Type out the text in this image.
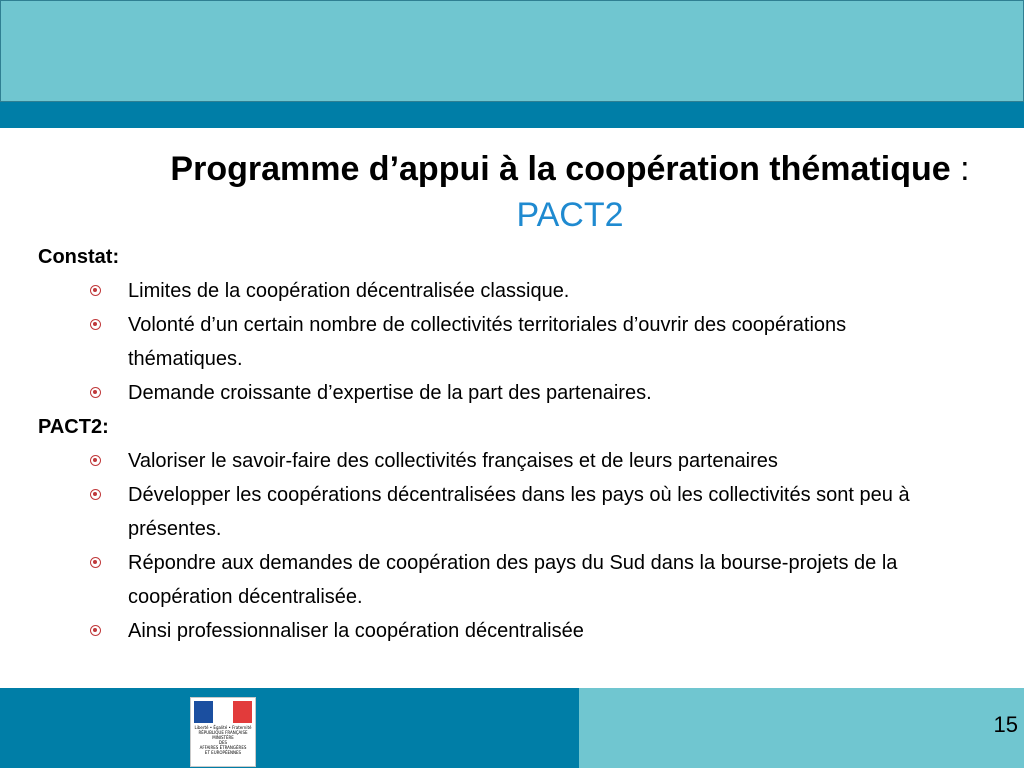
Programme d’appui à la coopération thématique : PACT2

Constat:

Limites de la coopération décentralisée classique.
Volonté d’un certain nombre de collectivités territoriales d’ouvrir des coopérations thématiques.
Demande croissante d’expertise de la part des partenaires.

PACT2:

Valoriser le savoir-faire des collectivités françaises et de leurs partenaires
Développer les coopérations décentralisées dans les pays où les collectivités sont peu à présentes.
Répondre aux demandes de coopération des pays du Sud dans la bourse-projets de la coopération décentralisée.
Ainsi professionnaliser la coopération décentralisée
Liberté • Égalité • Fraternité
RÉPUBLIQUE FRANÇAISE
MINISTÈRE
DES
AFFAIRES ÉTRANGÈRES
ET EUROPÉENNES
15
